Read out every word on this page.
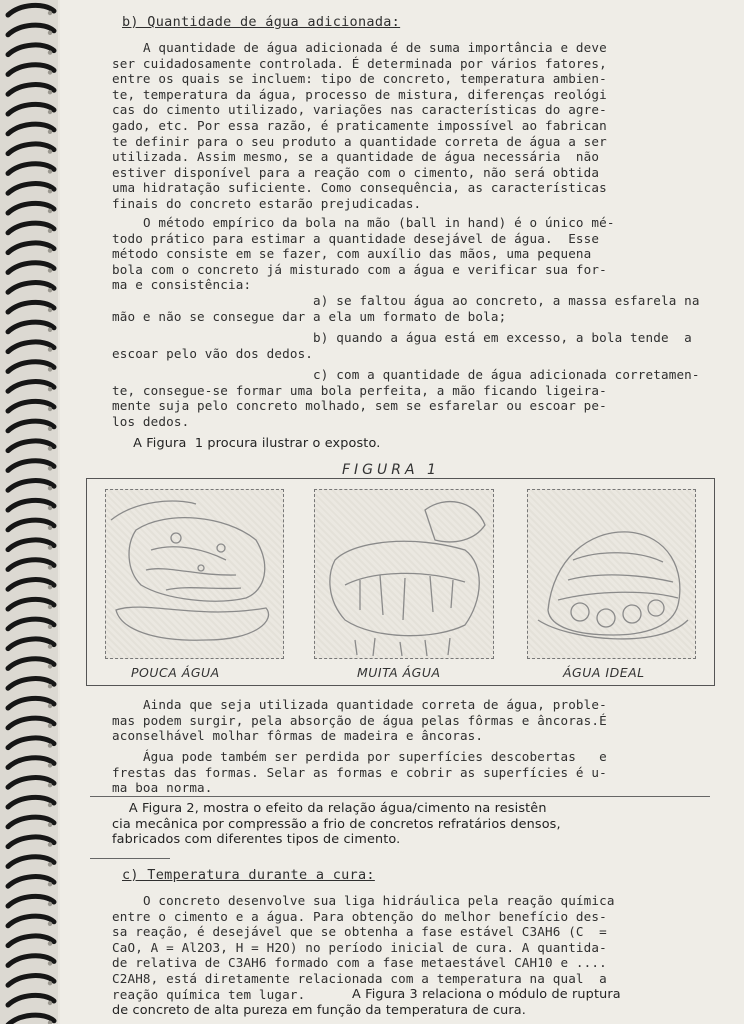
b) Quantidade de água adicionada:
A quantidade de água adicionada é de suma importância e deve
ser cuidadosamente controlada. É determinada por vários fatores,
entre os quais se incluem: tipo de concreto, temperatura ambien-
te, temperatura da água, processo de mistura, diferenças reológi
cas do cimento utilizado, variações nas características do agre-
gado, etc. Por essa razão, é praticamente impossível ao fabrican
te definir para o seu produto a quantidade correta de água a ser
utilizada. Assim mesmo, se a quantidade de água necessária  não
estiver disponível para a reação com o cimento, não será obtida
uma hidratação suficiente. Como consequência, as características
finais do concreto estarão prejudicadas.
O método empírico da bola na mão (ball in hand) é o único mé-
todo prático para estimar a quantidade desejável de água.  Esse
método consiste em se fazer, com auxílio das mãos, uma pequena
bola com o concreto já misturado com a água e verificar sua for-
ma e consistência:
a) se faltou água ao concreto, a massa esfarela na
mão e não se consegue dar a ela um formato de bola;
b) quando a água está em excesso, a bola tende  a
escoar pelo vão dos dedos.
c) com a quantidade de água adicionada corretamen-
te, consegue-se formar uma bola perfeita, a mão ficando ligeira-
mente suja pelo concreto molhado, sem se esfarelar ou escoar pe-
los dedos.
A Figura  1 procura ilustrar o exposto.
FIGURA 1
POUCA ÁGUA	MUITA ÁGUA	ÁGUA IDEAL
Ainda que seja utilizada quantidade correta de água, proble-
mas podem surgir, pela absorção de água pelas fôrmas e âncoras.É
aconselhável molhar fôrmas de madeira e âncoras.
Água pode também ser perdida por superfícies descobertas   e
frestas das formas. Selar as formas e cobrir as superfícies é u-
ma boa norma.
A Figura 2, mostra o efeito da relação água/cimento na resistên
cia mecânica por compressão a frio de concretos refratários densos,
fabricados com diferentes tipos de cimento.
c) Temperatura durante a cura:
O concreto desenvolve sua liga hidráulica pela reação química
entre o cimento e a água. Para obtenção do melhor benefício des-
sa reação, é desejável que se obtenha a fase estável C3AH6 (C  =
CaO, A = Al2O3, H = H2O) no período inicial de cura. A quantida-
de relativa de C3AH6 formado com a fase metaestável CAH10 e ....
C2AH8, está diretamente relacionada com a temperatura na qual  a
reação química tem lugar.	A Figura 3 relaciona o módulo de ruptura
de concreto de alta pureza em função da temperatura de cura.
